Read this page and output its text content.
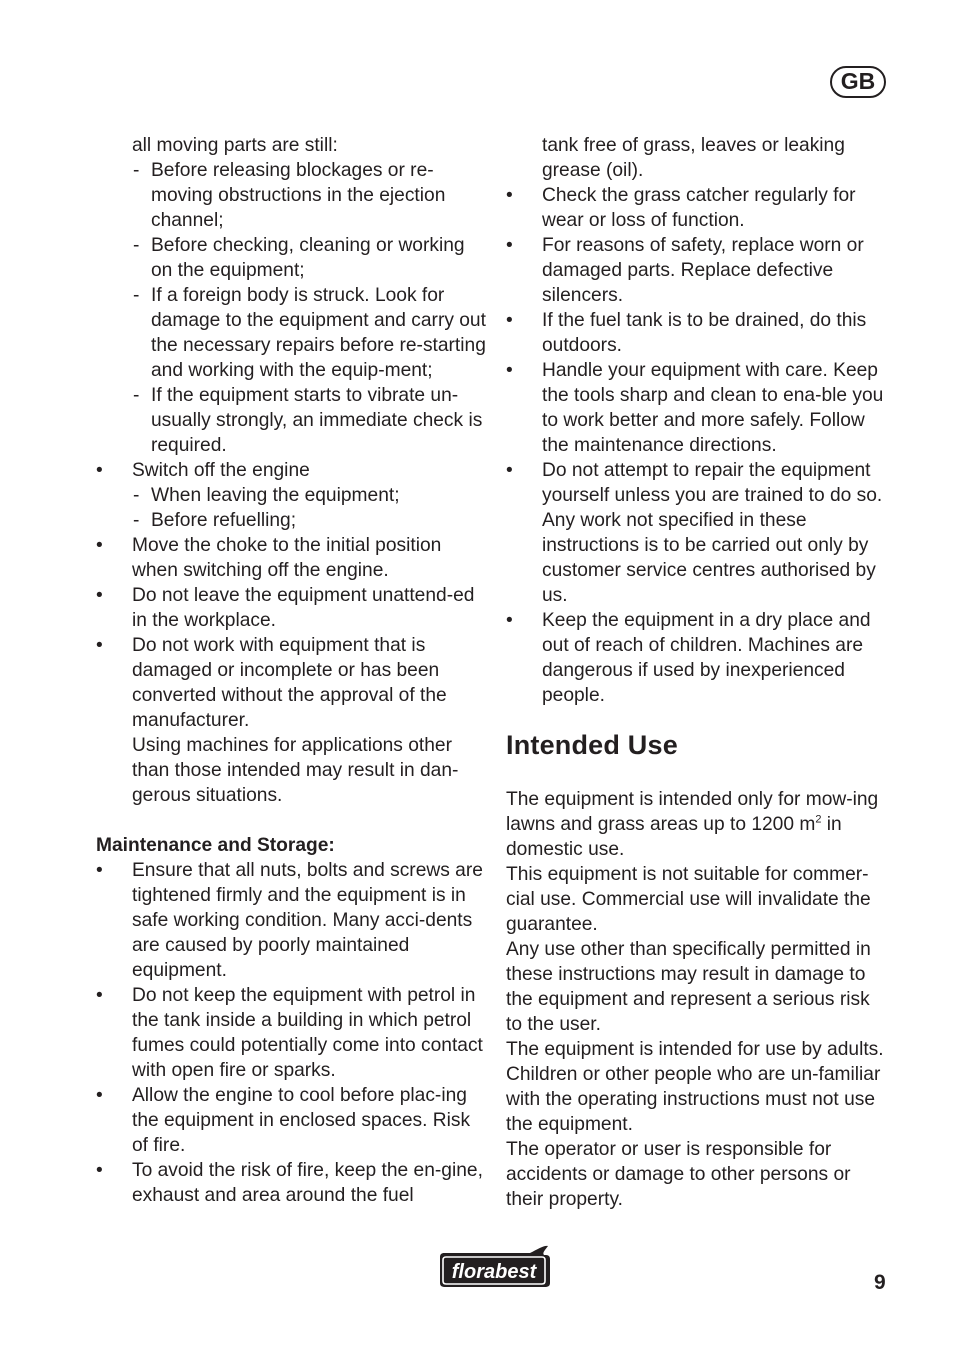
GB

all moving parts are still:

- Before releasing blockages or re-moving obstructions in the ejection channel;

- Before checking, cleaning or working on the equipment;

- If a foreign body is struck. Look for damage to the equipment and carry out the necessary repairs before re-starting and working with the equip-ment;

- If the equipment starts to vibrate un-usually strongly, an immediate check is required.

• Switch off the engine

- When leaving the equipment;

- Before refuelling;

• Move the choke to the initial position when switching off the engine.

• Do not leave the equipment unattend-ed in the workplace.

• Do not work with equipment that is damaged or incomplete or has been converted without the approval of the manufacturer.

Using machines for applications other than those intended may result in dan-gerous situations.

Maintenance and Storage:

• Ensure that all nuts, bolts and screws are tightened firmly and the equipment is in safe working condition. Many acci-dents are caused by poorly maintained equipment.

• Do not keep the equipment with petrol in the tank inside a building in which petrol fumes could potentially come into contact with open fire or sparks.

• Allow the engine to cool before plac-ing the equipment in enclosed spaces. Risk of fire.

• To avoid the risk of fire, keep the en-gine, exhaust and area around the fuel

tank free of grass, leaves or leaking grease (oil).

• Check the grass catcher regularly for wear or loss of function.

• For reasons of safety, replace worn or damaged parts. Replace defective silencers.

• If the fuel tank is to be drained, do this outdoors.

• Handle your equipment with care. Keep the tools sharp and clean to ena-ble you to work better and more safely. Follow the maintenance directions.

• Do not attempt to repair the equipment yourself unless you are trained to do so. Any work not specified in these instructions is to be carried out only by customer service centres authorised by us.

• Keep the equipment in a dry place and out of reach of children. Machines are dangerous if used by inexperienced people.

Intended Use

The equipment is intended only for mow-ing lawns and grass areas up to 1200 $m^2$ in domestic use.

This equipment is not suitable for commer-cial use. Commercial use will invalidate the guarantee.

Any use other than specifically permitted in these instructions may result in damage to the equipment and represent a serious risk to the user.

The equipment is intended for use by adults. Children or other people who are un-familiar with the operating instructions must not use the equipment.

The operator or user is responsible for accidents or damage to other persons or their property.

florabest	9
